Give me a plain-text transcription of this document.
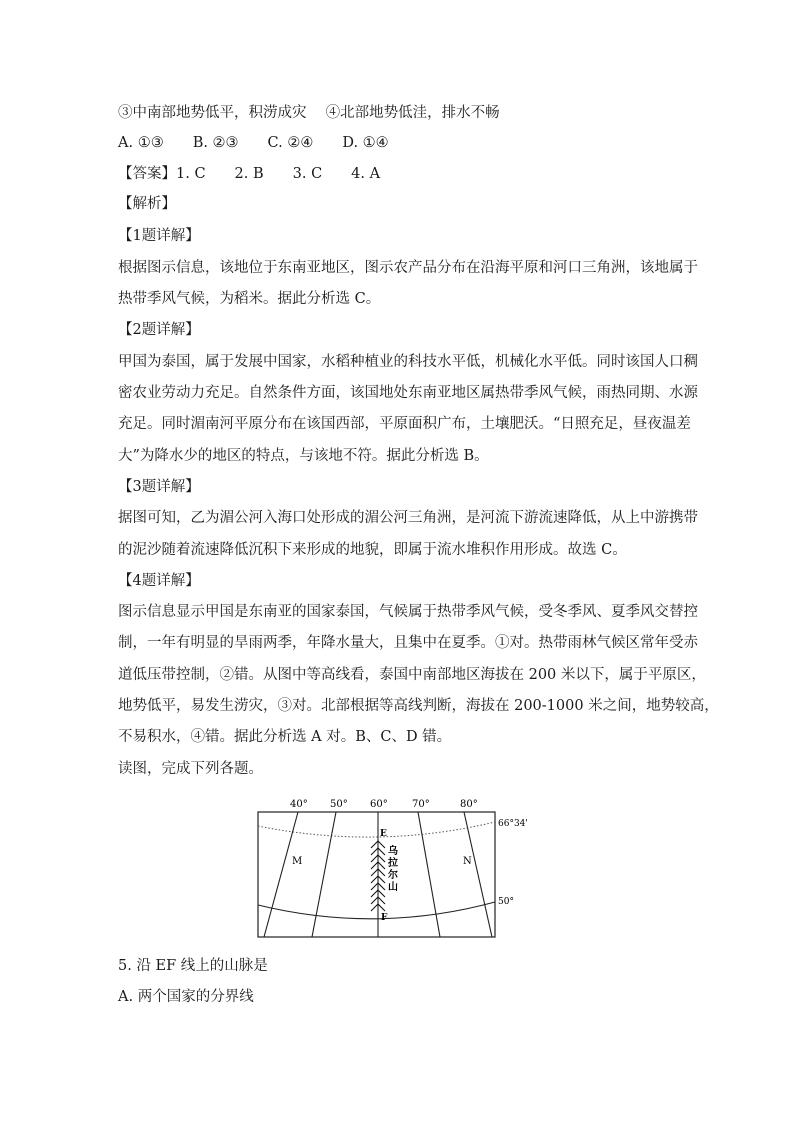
③中南部地势低平，积涝成灾　 ④北部地势低洼，排水不畅
A. ①③　　B. ②③　　C. ②④　　D. ①④
【答案】1. C　　2. B　　3. C　　4. A
【解析】
【1题详解】
根据图示信息，该地位于东南亚地区，图示农产品分布在沿海平原和河口三角洲，该地属于
热带季风气候，为稻米。据此分析选 C。
【2题详解】
甲国为泰国，属于发展中国家，水稻种植业的科技水平低，机械化水平低。同时该国人口稠
密农业劳动力充足。自然条件方面，该国地处东南亚地区属热带季风气候，雨热同期、水源
充足。同时湄南河平原分布在该国西部，平原面积广布，土壤肥沃。“日照充足，昼夜温差
大”为降水少的地区的特点，与该地不符。据此分析选 B。
【3题详解】
据图可知，乙为湄公河入海口处形成的湄公河三角洲，是河流下游流速降低，从上中游携带
的泥沙随着流速降低沉积下来形成的地貌，即属于流水堆积作用形成。故选 C。
【4题详解】
图示信息显示甲国是东南亚的国家泰国，气候属于热带季风气候，受冬季风、夏季风交替控
制，一年有明显的旱雨两季，年降水量大，且集中在夏季。①对。热带雨林气候区常年受赤
道低压带控制，②错。从图中等高线看，泰国中南部地区海拔在 200 米以下，属于平原区，
地势低平，易发生涝灾，③对。北部根据等高线判断，海拔在 200-1000 米之间，地势较高，
不易积水，④错。据此分析选 A 对。B、C、D 错。
读图，完成下列各题。
40° 50° 60° 70°	80°
E
F
乌
拉
尔
山
M	N
66°34'
50°
5. 沿 EF 线上的山脉是
A. 两个国家的分界线
